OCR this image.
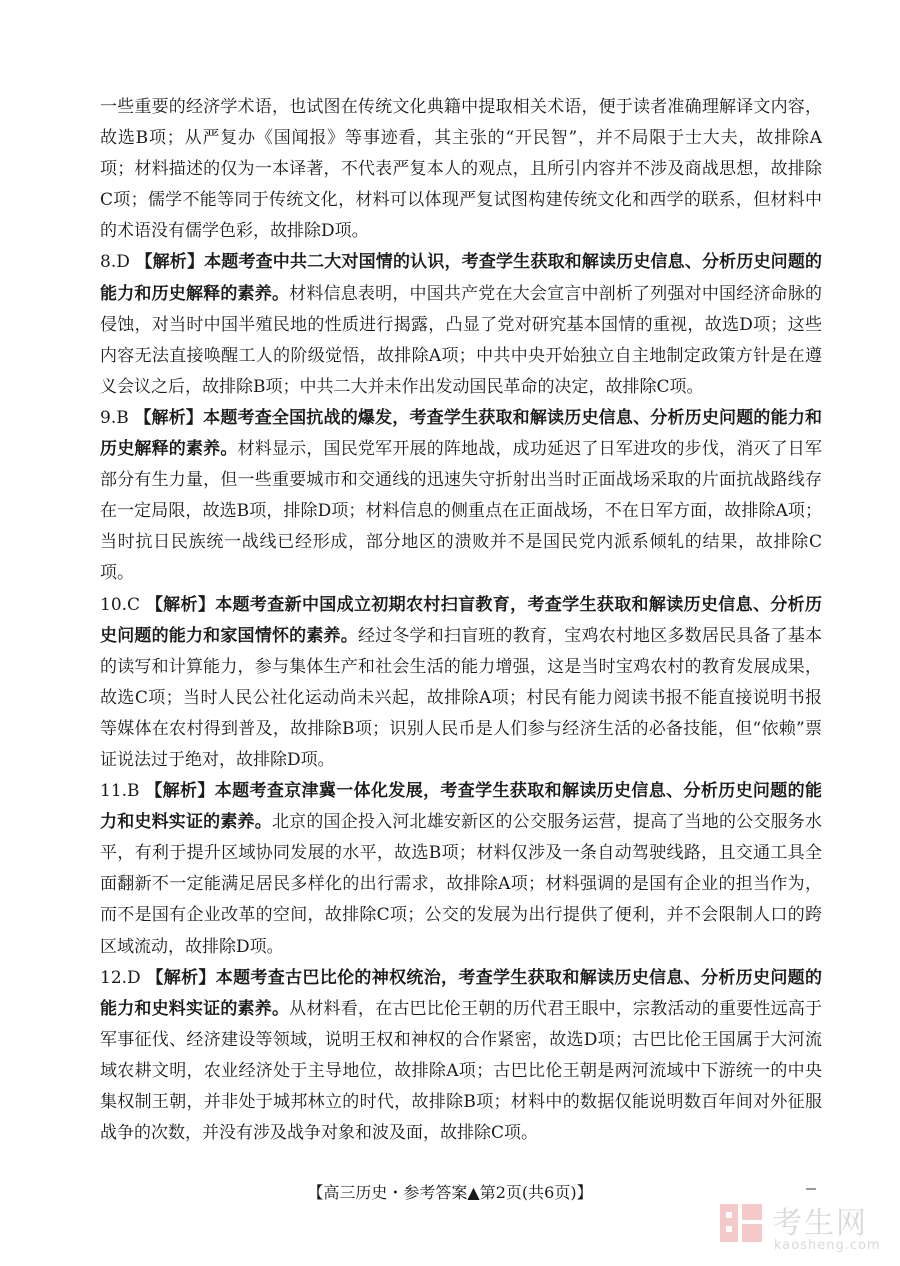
一些重要的经济学术语，也试图在传统文化典籍中提取相关术语，便于读者准确理解译文内容，故选B项；从严复办《国闻报》等事迹看，其主张的“开民智”，并不局限于士大夫，故排除A项；材料描述的仅为一本译著，不代表严复本人的观点，且所引内容并不涉及商战思想，故排除C项；儒学不能等同于传统文化，材料可以体现严复试图构建传统文化和西学的联系，但材料中的术语没有儒学色彩，故排除D项。

8.D 【解析】本题考查中共二大对国情的认识，考查学生获取和解读历史信息、分析历史问题的能力和历史解释的素养。材料信息表明，中国共产党在大会宣言中剖析了列强对中国经济命脉的侵蚀，对当时中国半殖民地的性质进行揭露，凸显了党对研究基本国情的重视，故选D项；这些内容无法直接唤醒工人的阶级觉悟，故排除A项；中共中央开始独立自主地制定政策方针是在遵义会议之后，故排除B项；中共二大并未作出发动国民革命的决定，故排除C项。

9.B 【解析】本题考查全国抗战的爆发，考查学生获取和解读历史信息、分析历史问题的能力和历史解释的素养。材料显示，国民党军开展的阵地战，成功延迟了日军进攻的步伐，消灭了日军部分有生力量，但一些重要城市和交通线的迅速失守折射出当时正面战场采取的片面抗战路线存在一定局限，故选B项，排除D项；材料信息的侧重点在正面战场，不在日军方面，故排除A项；当时抗日民族统一战线已经形成，部分地区的溃败并不是国民党内派系倾轧的结果，故排除C项。

10.C 【解析】本题考查新中国成立初期农村扫盲教育，考查学生获取和解读历史信息、分析历史问题的能力和家国情怀的素养。经过冬学和扫盲班的教育，宝鸡农村地区多数居民具备了基本的读写和计算能力，参与集体生产和社会生活的能力增强，这是当时宝鸡农村的教育发展成果，故选C项；当时人民公社化运动尚未兴起，故排除A项；村民有能力阅读书报不能直接说明书报等媒体在农村得到普及，故排除B项；识别人民币是人们参与经济生活的必备技能，但“依赖”票证说法过于绝对，故排除D项。

11.B 【解析】本题考查京津冀一体化发展，考查学生获取和解读历史信息、分析历史问题的能力和史料实证的素养。北京的国企投入河北雄安新区的公交服务运营，提高了当地的公交服务水平，有利于提升区域协同发展的水平，故选B项；材料仅涉及一条自动驾驶线路，且交通工具全面翻新不一定能满足居民多样化的出行需求，故排除A项；材料强调的是国有企业的担当作为，而不是国有企业改革的空间，故排除C项；公交的发展为出行提供了便利，并不会限制人口的跨区域流动，故排除D项。

12.D 【解析】本题考查古巴比伦的神权统治，考查学生获取和解读历史信息、分析历史问题的能力和史料实证的素养。从材料看，在古巴比伦王朝的历代君王眼中，宗教活动的重要性远高于军事征伐、经济建设等领域，说明王权和神权的合作紧密，故选D项；古巴比伦王国属于大河流域农耕文明，农业经济处于主导地位，故排除A项；古巴比伦王朝是两河流域中下游统一的中央集权制王朝，并非处于城邦林立的时代，故排除B项；材料中的数据仅能说明数百年间对外征服战争的次数，并没有涉及战争对象和波及面，故排除C项。

【高三历史・参考答案▲第2页(共6页)】
考生网
kaosheng.com
